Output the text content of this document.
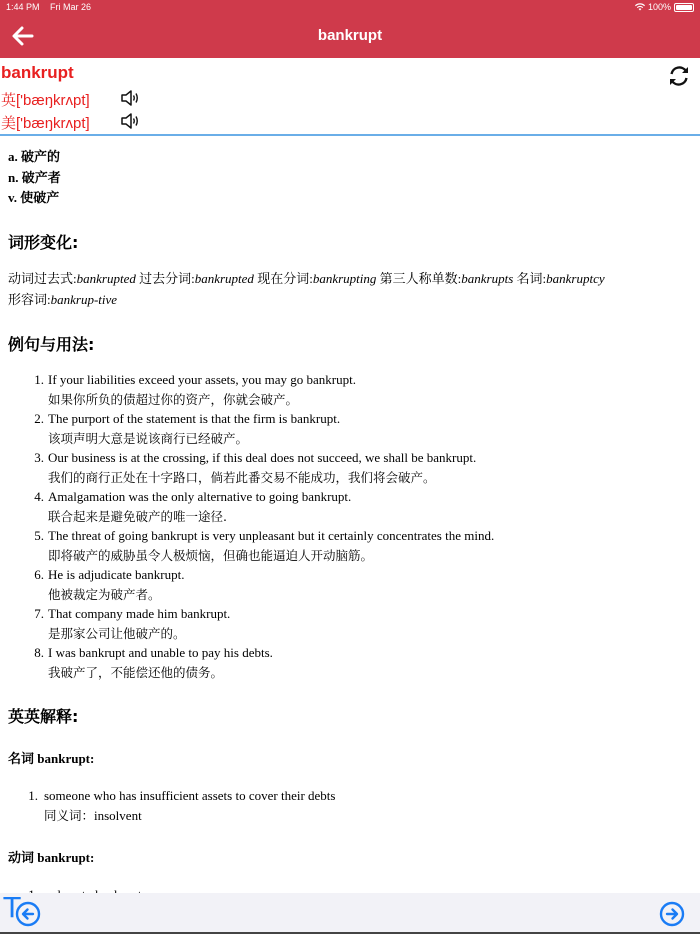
1:44 PM Fri Mar 26	100%
bankrupt
bankrupt
英['bæŋkrʌpt]
美['bæŋkrʌpt]
a. 破产的
n. 破产者
v. 使破产
词形变化:
动词过去式:bankrupted 过去分词:bankrupted 现在分词:bankrupting 第三人称单数:bankrupts 名词:bankruptcy
形容词:bankrup-tive
例句与用法:
1. If your liabilities exceed your assets, you may go bankrupt.
如果你所负的债超过你的资产，你就会破产。
2. The purport of the statement is that the firm is bankrupt.
该项声明大意是说该商行已经破产。
3. Our business is at the crossing, if this deal does not succeed, we shall be bankrupt.
我们的商行正处在十字路口，倘若此番交易不能成功，我们将会破产。
4. Amalgamation was the only alternative to going bankrupt.
联合起来是避免破产的唯一途径.
5. The threat of going bankrupt is very unpleasant but it certainly concentrates the mind.
即将破产的威胁虽令人极烦恼，但确也能逼迫人开动脑筋。
6. He is adjudicate bankrupt.
他被裁定为破产者。
7. That company made him bankrupt.
是那家公司让他破产的。
8. I was bankrupt and unable to pay his debts.
我破产了，不能偿还他的债务。
英英解释:
名词 bankrupt:
1. someone who has insufficient assets to cover their debts
同义词：insolvent
动词 bankrupt:
T
